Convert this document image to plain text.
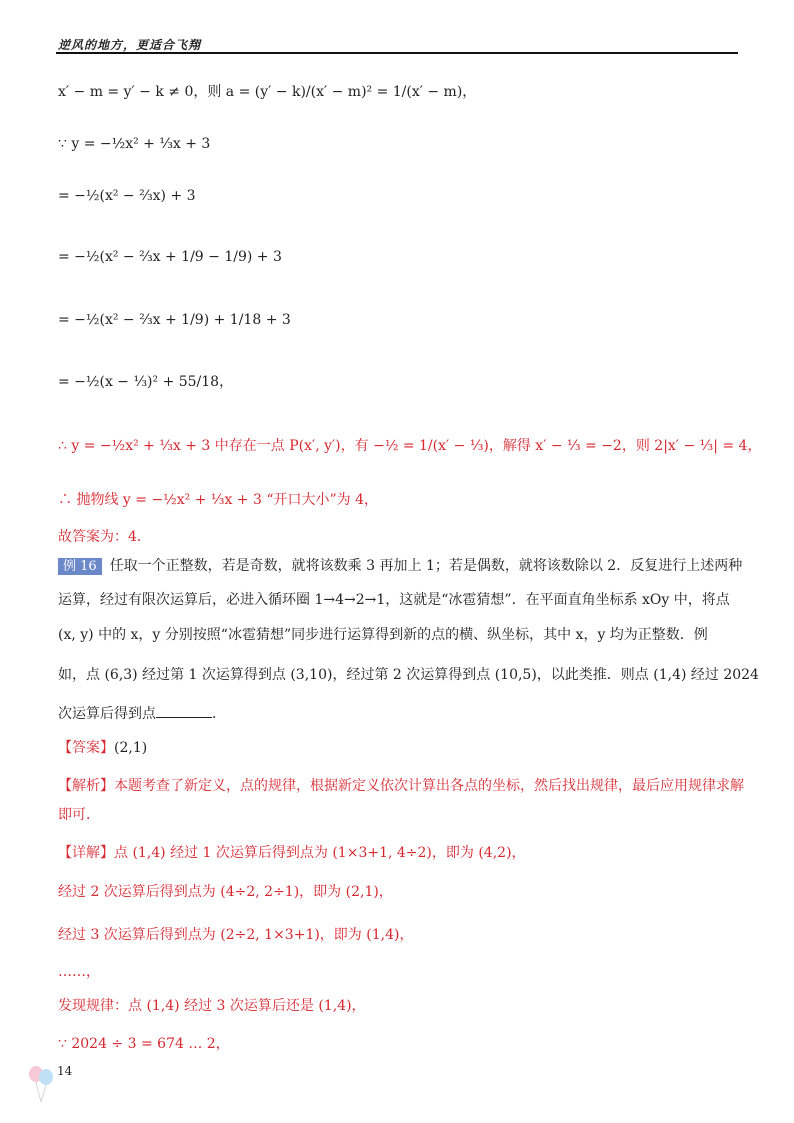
逆风的地方，更适合飞翔
x′ − m = y′ − k ≠ 0，则 a = (y′ − k)/(x′ − m)² = 1/(x′ − m)，
∵ y = −½x² + ⅓x + 3
= −½(x² − ⅔x) + 3
= −½(x² − ⅔x + 1/9 − 1/9) + 3
= −½(x² − ⅔x + 1/9) + 1/18 + 3
= −½(x − ⅓)² + 55/18，
∴ y = −½x² + ⅓x + 3 中存在一点 P(x′, y′)，有 −½ = 1/(x′ − ⅓)，解得 x′ − ⅓ = −2，则 2|x′ − ⅓| = 4，
∴ 抛物线 y = −½x² + ⅓x + 3 “开口大小”为 4，
故答案为：4．
例 16 任取一个正整数，若是奇数，就将该数乘 3 再加上 1；若是偶数，就将该数除以 2．反复进行上述两种
运算，经过有限次运算后，必进入循环圈 1→4→2→1，这就是“冰雹猜想”．在平面直角坐标系 xOy 中，将点
(x, y) 中的 x，y 分别按照“冰雹猜想”同步进行运算得到新的点的横、纵坐标，其中 x，y 均为正整数．例
如，点 (6,3) 经过第 1 次运算得到点 (3,10)，经过第 2 次运算得到点 (10,5)，以此类推．则点 (1,4) 经过 2024
次运算后得到点	．
【答案】(2,1)
【解析】本题考查了新定义，点的规律，根据新定义依次计算出各点的坐标，然后找出规律，最后应用规律求解
即可．
【详解】点 (1,4) 经过 1 次运算后得到点为 (1×3+1, 4÷2)，即为 (4,2)，
经过 2 次运算后得到点为 (4÷2, 2÷1)，即为 (2,1)，
经过 3 次运算后得到点为 (2÷2, 1×3+1)，即为 (1,4)，
……，
发现规律：点 (1,4) 经过 3 次运算后还是 (1,4)，
∵ 2024 ÷ 3 = 674 … 2，
14
